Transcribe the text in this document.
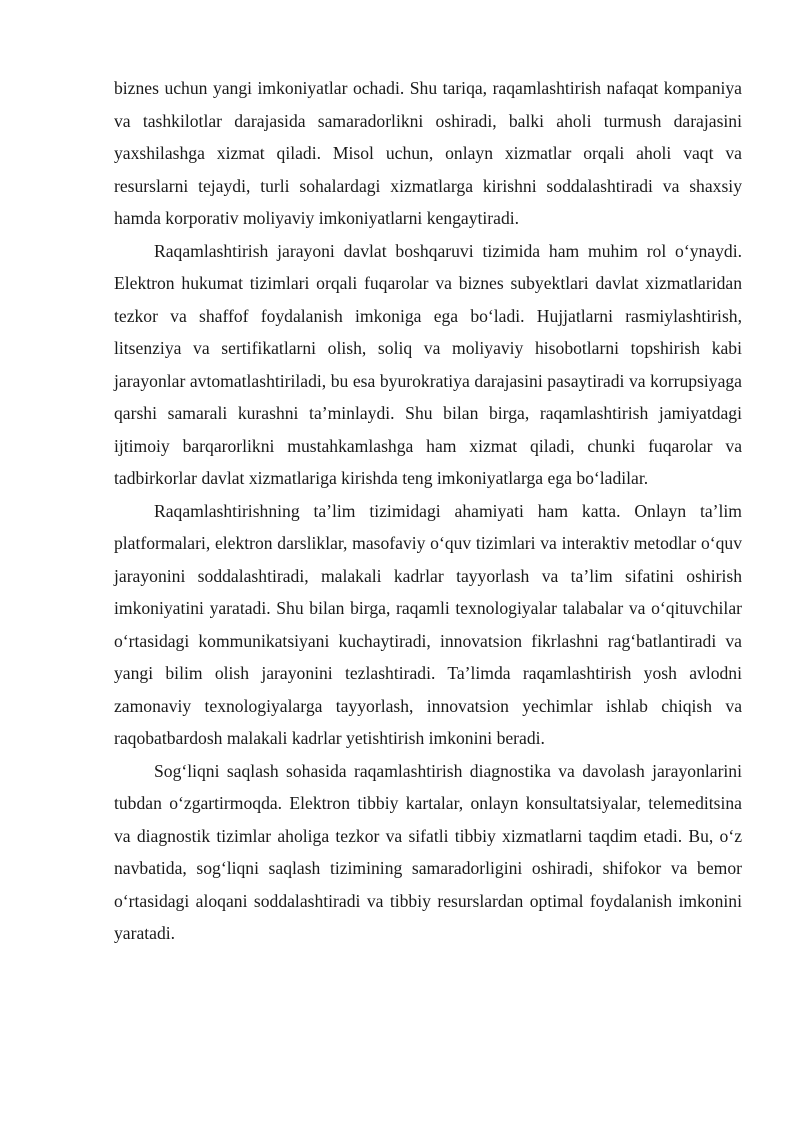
biznes uchun yangi imkoniyatlar ochadi. Shu tariqa, raqamlashtirish nafaqat kompaniya va tashkilotlar darajasida samaradorlikni oshiradi, balki aholi turmush darajasini yaxshilashga xizmat qiladi. Misol uchun, onlayn xizmatlar orqali aholi vaqt va resurslarni tejaydi, turli sohalardagi xizmatlarga kirishni soddalashtiradi va shaxsiy hamda korporativ moliyaviy imkoniyatlarni kengaytiradi.

Raqamlashtirish jarayoni davlat boshqaruvi tizimida ham muhim rol o‘ynaydi. Elektron hukumat tizimlari orqali fuqarolar va biznes subyektlari davlat xizmatlaridan tezkor va shaffof foydalanish imkoniga ega bo‘ladi. Hujjatlarni rasmiylashtirish, litsenziya va sertifikatlarni olish, soliq va moliyaviy hisobotlarni topshirish kabi jarayonlar avtomatlashtiriladi, bu esa byurokratiya darajasini pasaytiradi va korrupsiyaga qarshi samarali kurashni ta’minlaydi. Shu bilan birga, raqamlashtirish jamiyatdagi ijtimoiy barqarorlikni mustahkamlashga ham xizmat qiladi, chunki fuqarolar va tadbirkorlar davlat xizmatlariga kirishda teng imkoniyatlarga ega bo‘ladilar.

Raqamlashtirishning ta’lim tizimidagi ahamiyati ham katta. Onlayn ta’lim platformalari, elektron darsliklar, masofaviy o‘quv tizimlari va interaktiv metodlar o‘quv jarayonini soddalashtiradi, malakali kadrlar tayyorlash va ta’lim sifatini oshirish imkoniyatini yaratadi. Shu bilan birga, raqamli texnologiyalar talabalar va o‘qituvchilar o‘rtasidagi kommunikatsiyani kuchaytiradi, innovatsion fikrlashni rag‘batlantiradi va yangi bilim olish jarayonini tezlashtiradi. Ta’limda raqamlashtirish yosh avlodni zamonaviy texnologiyalarga tayyorlash, innovatsion yechimlar ishlab chiqish va raqobatbardosh malakali kadrlar yetishtirish imkonini beradi.

Sog‘liqni saqlash sohasida raqamlashtirish diagnostika va davolash jarayonlarini tubdan o‘zgartirmoqda. Elektron tibbiy kartalar, onlayn konsultatsiyalar, telemeditsina va diagnostik tizimlar aholiga tezkor va sifatli tibbiy xizmatlarni taqdim etadi. Bu, o‘z navbatida, sog‘liqni saqlash tizimining samaradorligini oshiradi, shifokor va bemor o‘rtasidagi aloqani soddalashtiradi va tibbiy resurslardan optimal foydalanish imkonini yaratadi.
